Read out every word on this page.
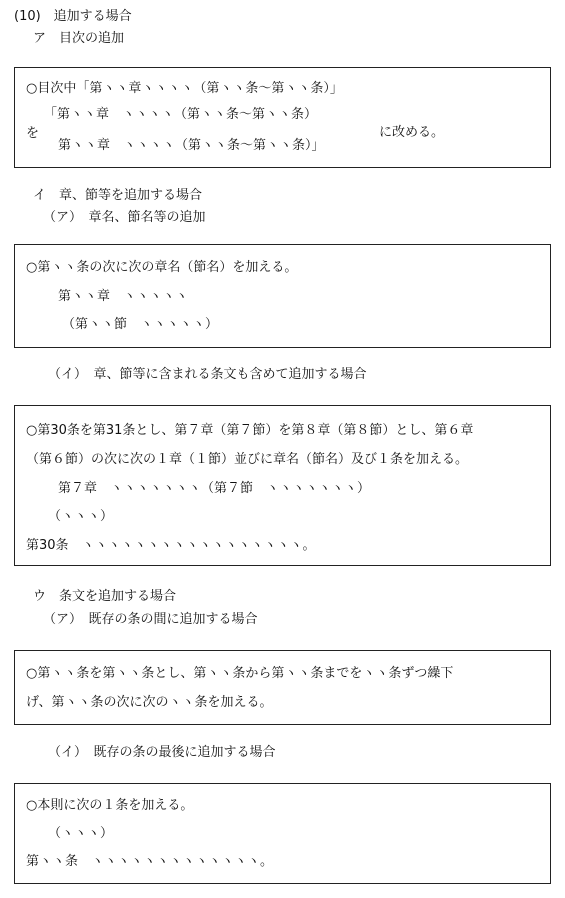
(10)　追加する場合
ア　目次の追加
○目次中「第ヽヽ章ヽヽヽヽ（第ヽヽ条～第ヽヽ条）」
を
「第ヽヽ章　ヽヽヽヽ（第ヽヽ条～第ヽヽ条）
第ヽヽ章　ヽヽヽヽ（第ヽヽ条～第ヽヽ条）」
に改める。
イ　章、節等を追加する場合
（ア）　章名、節名等の追加
○第ヽヽ条の次に次の章名（節名）を加える。
第ヽヽ章　ヽヽヽヽヽ
（第ヽヽ節　ヽヽヽヽヽ）
（イ）　章、節等に含まれる条文も含めて追加する場合
○第30条を第31条とし、第７章（第７節）を第８章（第８節）とし、第６章
（第６節）の次に次の１章（１節）並びに章名（節名）及び１条を加える。
第７章　ヽヽヽヽヽヽヽ（第７節　ヽヽヽヽヽヽヽ）
（ヽヽヽ）
第30条　ヽヽヽヽヽヽヽヽヽヽヽヽヽヽヽヽヽ。
ウ　条文を追加する場合
（ア）　既存の条の間に追加する場合
○第ヽヽ条を第ヽヽ条とし、第ヽヽ条から第ヽヽ条までをヽヽ条ずつ繰下
げ、第ヽヽ条の次に次のヽヽ条を加える。
（イ）　既存の条の最後に追加する場合
○本則に次の１条を加える。
（ヽヽヽ）
第ヽヽ条　ヽヽヽヽヽヽヽヽヽヽヽヽヽ。
